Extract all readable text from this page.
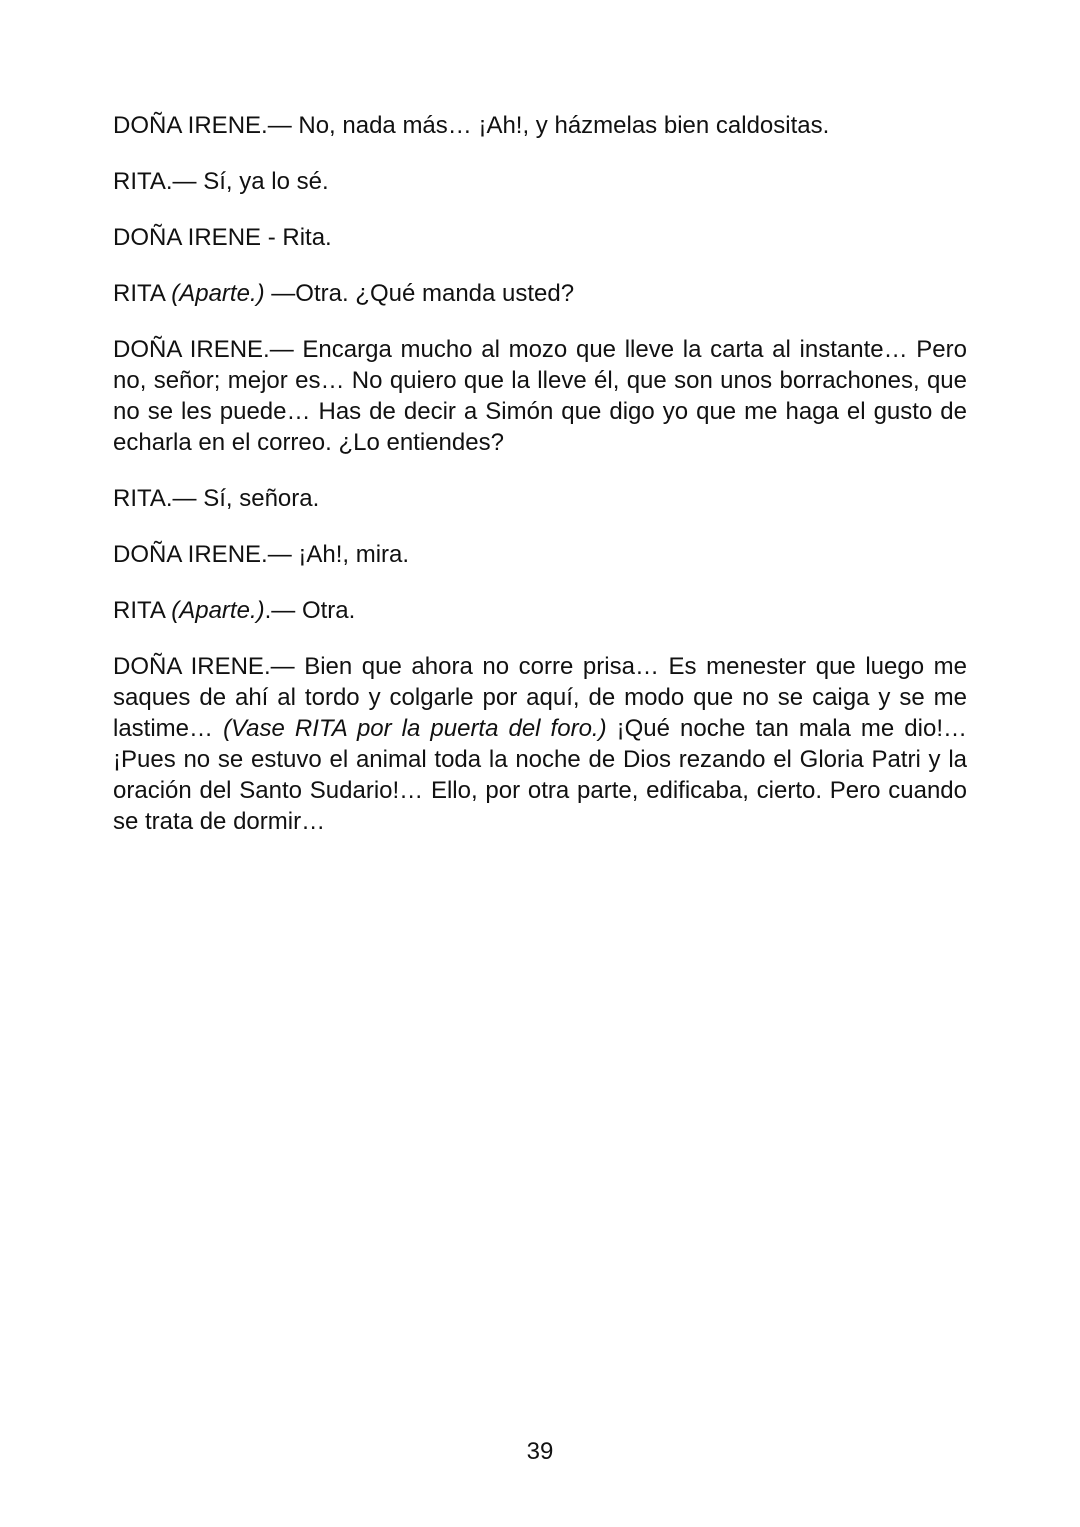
DOÑA IRENE.— No, nada más… ¡Ah!, y házmelas bien caldositas.

RITA.— Sí, ya lo sé.

DOÑA IRENE - Rita.

RITA (Aparte.) —Otra. ¿Qué manda usted?

DOÑA IRENE.— Encarga mucho al mozo que lleve la carta al instante… Pero no, señor; mejor es… No quiero que la lleve él, que son unos borrachones, que no se les puede… Has de decir a Simón que digo yo que me haga el gusto de echarla en el correo. ¿Lo entiendes?

RITA.— Sí, señora.

DOÑA IRENE.— ¡Ah!, mira.

RITA (Aparte.).— Otra.

DOÑA IRENE.— Bien que ahora no corre prisa… Es menester que luego me saques de ahí al tordo y colgarle por aquí, de modo que no se caiga y se me lastime… (Vase RITA por la puerta del foro.) ¡Qué noche tan mala me dio!… ¡Pues no se estuvo el animal toda la noche de Dios rezando el Gloria Patri y la oración del Santo Sudario!… Ello, por otra parte, edificaba, cierto. Pero cuando se trata de dormir…

39
